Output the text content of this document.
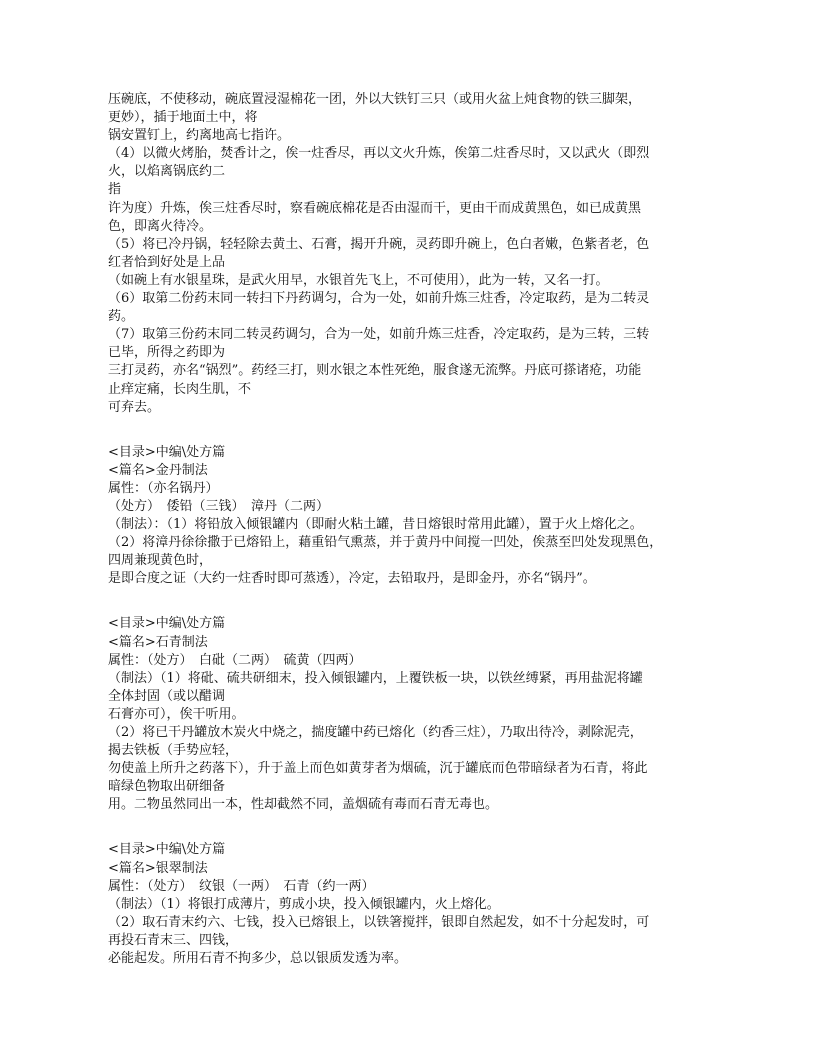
压碗底，不使移动，碗底置浸湿棉花一团，外以大铁钉三只（或用火盆上炖食物的铁三脚架，
更妙），插于地面土中，将
锅安置钉上，约离地高七指许。
（4）以微火烤胎，焚香计之，俟一炷香尽，再以文火升炼，俟第二炷香尽时，又以武火（即烈
火，以焰离锅底约二
指
许为度）升炼，俟三炷香尽时，察看碗底棉花是否由湿而干，更由干而成黄黑色，如已成黄黑
色，即离火待冷。
（5）将已冷丹锅，轻轻除去黄土、石膏，揭开升碗，灵药即升碗上，色白者嫩，色紫者老，色
红者恰到好处是上品
（如碗上有水银星珠，是武火用早，水银首先飞上，不可使用），此为一转，又名一打。
（6）取第二份药末同一转扫下丹药调匀，合为一处，如前升炼三炷香，冷定取药，是为二转灵
药。
（7）取第三份药末同二转灵药调匀，合为一处，如前升炼三炷香，冷定取药，是为三转，三转
已毕，所得之药即为
三打灵药，亦名“锅烈”。药经三打，则水银之本性死绝，服食遂无流弊。丹底可搽诸疮，功能
止痒定痛，长肉生肌，不
可弃去。
<目录>中编\处方篇
<篇名>金丹制法
属性：（亦名锅丹）
（处方）　倭铅（三钱）　漳丹（二两）
（制法）：（1）将铅放入倾银罐内（即耐火粘土罐，昔日熔银时常用此罐），置于火上熔化之。
（2）将漳丹徐徐撒于已熔铅上，藉重铅气熏蒸，并于黄丹中间搅一凹处，俟蒸至凹处发现黑色，
四周兼现黄色时，
是即合度之证（大约一炷香时即可蒸透），冷定，去铅取丹，是即金丹，亦名“锅丹”。
<目录>中编\处方篇
<篇名>石青制法
属性：（处方）　白砒（二两）　硫黄（四两）
（制法）（1）将砒、硫共研细末，投入倾银罐内，上覆铁板一块，以铁丝缚紧，再用盐泥将罐
全体封固（或以醋调
石膏亦可），俟干听用。
（2）将已干丹罐放木炭火中烧之，揣度罐中药已熔化（约香三炷），乃取出待冷，剥除泥壳，
揭去铁板（手势应轻，
勿使盖上所升之药落下），升于盖上而色如黄芽者为烟硫，沉于罐底而色带暗绿者为石青，将此
暗绿色物取出研细备
用。二物虽然同出一本，性却截然不同，盖烟硫有毒而石青无毒也。
<目录>中编\处方篇
<篇名>银翠制法
属性：（处方）　纹银（一两）　石青（约一两）
（制法）（1）将银打成薄片，剪成小块，投入倾银罐内，火上熔化。
（2）取石青末约六、七钱，投入已熔银上，以铁箸搅拌，银即自然起发，如不十分起发时，可
再投石青末三、四钱，
必能起发。所用石青不拘多少，总以银质发透为率。
